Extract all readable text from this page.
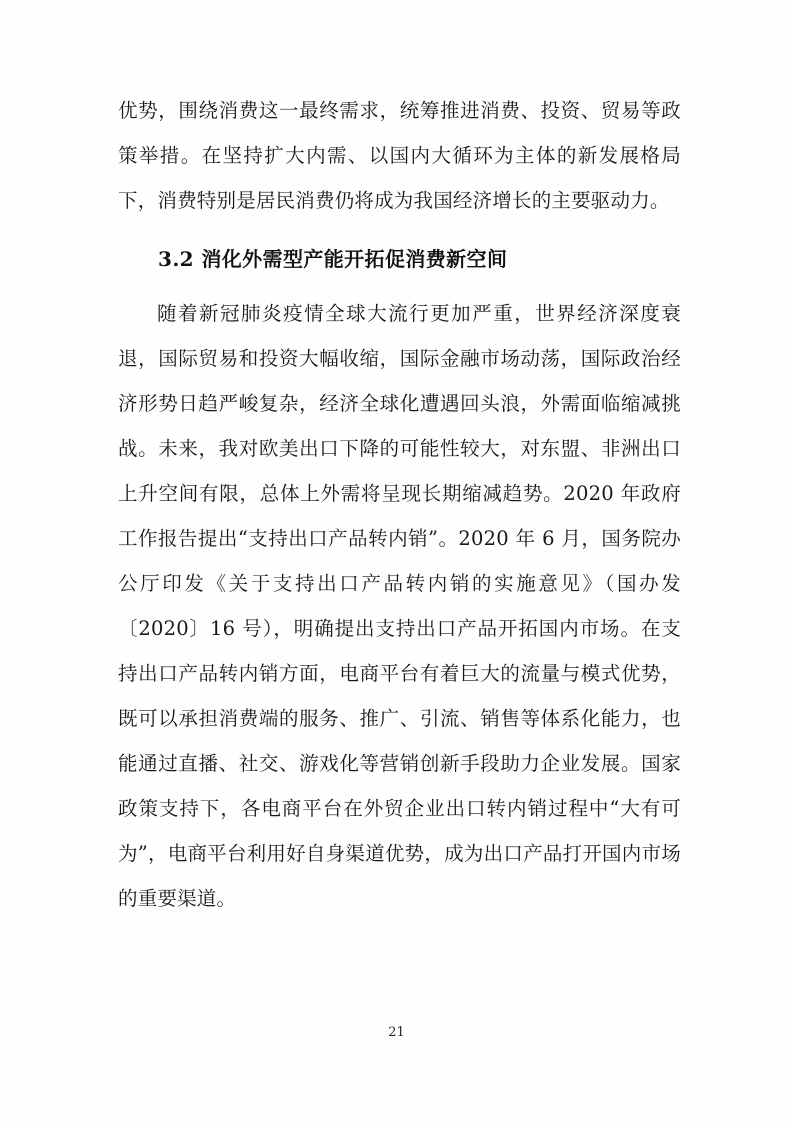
优势，围绕消费这一最终需求，统筹推进消费、投资、贸易等政策举措。在坚持扩大内需、以国内大循环为主体的新发展格局下，消费特别是居民消费仍将成为我国经济增长的主要驱动力。

3.2 消化外需型产能开拓促消费新空间

随着新冠肺炎疫情全球大流行更加严重，世界经济深度衰退，国际贸易和投资大幅收缩，国际金融市场动荡，国际政治经济形势日趋严峻复杂，经济全球化遭遇回头浪，外需面临缩减挑战。未来，我对欧美出口下降的可能性较大，对东盟、非洲出口上升空间有限，总体上外需将呈现长期缩减趋势。2020 年政府工作报告提出“支持出口产品转内销”。2020 年 6 月，国务院办公厅印发《关于支持出口产品转内销的实施意见》（国办发〔2020〕16 号），明确提出支持出口产品开拓国内市场。在支持出口产品转内销方面，电商平台有着巨大的流量与模式优势，既可以承担消费端的服务、推广、引流、销售等体系化能力，也能通过直播、社交、游戏化等营销创新手段助力企业发展。国家政策支持下，各电商平台在外贸企业出口转内销过程中“大有可为”，电商平台利用好自身渠道优势，成为出口产品打开国内市场的重要渠道。

21
